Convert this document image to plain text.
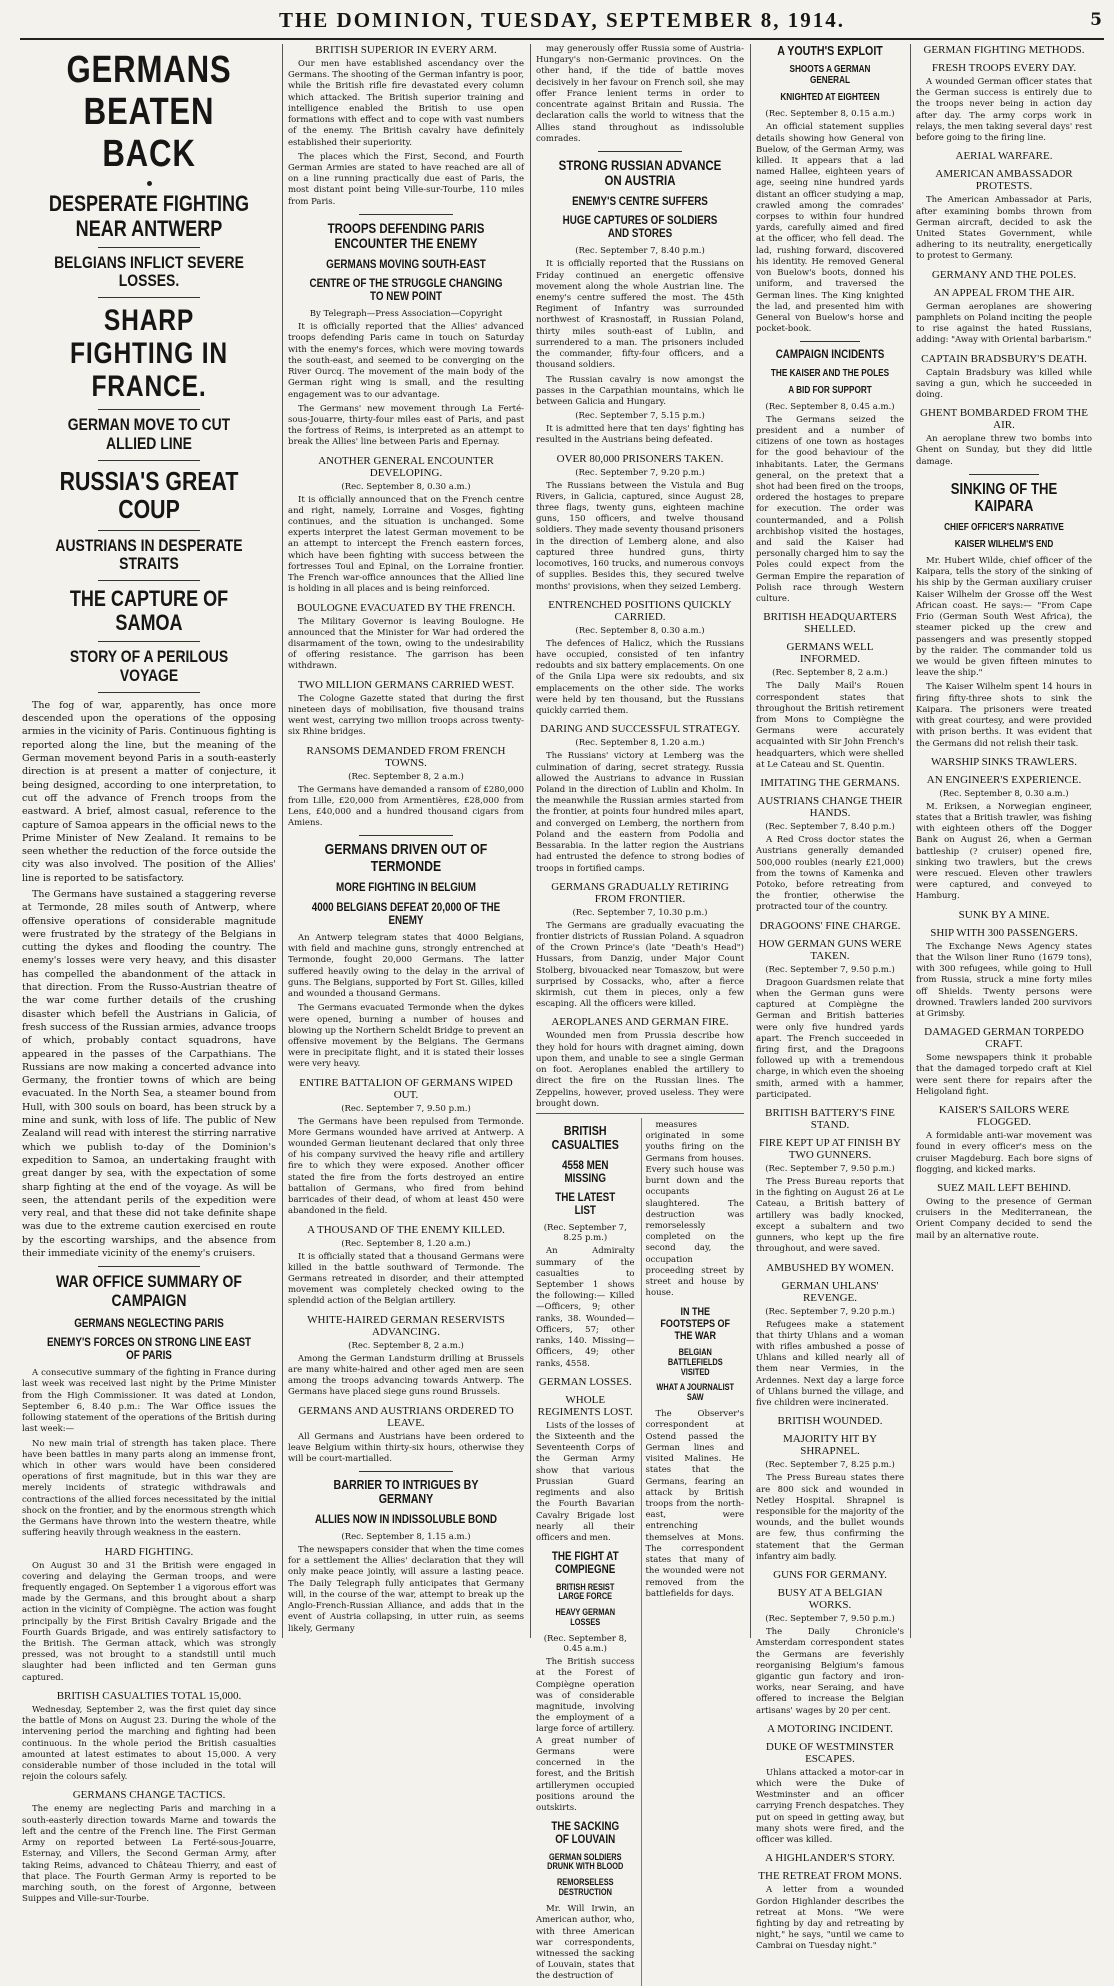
THE DOMINION, TUESDAY, SEPTEMBER 8, 1914.	5
GERMANS BEATEN BACK
DESPERATE FIGHTING NEAR ANTWERP
BELGIANS INFLICT SEVERE LOSSES.
SHARP FIGHTING IN FRANCE.
GERMAN MOVE TO CUT ALLIED LINE
RUSSIA'S GREAT COUP
AUSTRIANS IN DESPERATE STRAITS
THE CAPTURE OF SAMOA
STORY OF A PERILOUS VOYAGE

The fog of war, apparently, has once more descended upon the operations of the opposing armies in the vicinity of Paris. Continuous fighting is reported along the line, but the meaning of the German movement beyond Paris in a south-easterly direction is at present a matter of conjecture, it being designed, according to one interpretation, to cut off the advance of French troops from the eastward. A brief, almost casual, reference to the capture of Samoa appears in the official news to the Prime Minister of New Zealand. It remains to be seen whether the reduction of the force outside the city was also involved. The position of the Allies' line is reported to be satisfactory.

The Germans have sustained a staggering reverse at Termonde, 28 miles south of Antwerp, where offensive operations of considerable magnitude were frustrated by the strategy of the Belgians in cutting the dykes and flooding the country. The enemy's losses were very heavy, and this disaster has compelled the abandonment of the attack in that direction. From the Russo-Austrian theatre of the war come further details of the crushing disaster which befell the Austrians in Galicia, of fresh success of the Russian armies, advance troops of which, probably contact squadrons, have appeared in the passes of the Carpathians. The Russians are now making a concerted advance into Germany, the frontier towns of which are being evacuated. In the North Sea, a steamer bound from Hull, with 300 souls on board, has been struck by a mine and sunk, with loss of life. The public of New Zealand will read with interest the stirring narrative which we publish to-day of the Dominion's expedition to Samoa, an undertaking fraught with great danger by sea, with the expectation of some sharp fighting at the end of the voyage. As will be seen, the attendant perils of the expedition were very real, and that these did not take definite shape was due to the extreme caution exercised en route by the escorting warships, and the absence from their immediate vicinity of the enemy's cruisers.

WAR OFFICE SUMMARY OF CAMPAIGN
GERMANS NEGLECTING PARIS
ENEMY'S FORCES ON STRONG LINE EAST OF PARIS

A consecutive summary of the fighting in France during last week was received last night by the Prime Minister from the High Commissioner. It was dated at London, September 6, 8.40 p.m.: The War Office issues the following statement of the operations of the British during last week:—

No new main trial of strength has taken place. There have been battles in many parts along an immense front, which in other wars would have been considered operations of first magnitude, but in this war they are merely incidents of strategic withdrawals and contractions of the allied forces necessitated by the initial shock on the frontier, and by the enormous strength which the Germans have thrown into the western theatre, while suffering heavily through weakness in the eastern.

HARD FIGHTING.

On August 30 and 31 the British were engaged in covering and delaying the German troops, and were frequently engaged. On September 1 a vigorous effort was made by the Germans, and this brought about a sharp action in the vicinity of Compiègne. The action was fought principally by the First British Cavalry Brigade and the Fourth Guards Brigade, and was entirely satisfactory to the British. The German attack, which was strongly pressed, was not brought to a standstill until much slaughter had been inflicted and ten German guns captured.

BRITISH CASUALTIES TOTAL 15,000.

Wednesday, September 2, was the first quiet day since the battle of Mons on August 23. During the whole of the intervening period the marching and fighting had been continuous. In the whole period the British casualties amounted at latest estimates to about 15,000. A very considerable number of those included in the total will rejoin the colours safely.

GERMANS CHANGE TACTICS.

The enemy are neglecting Paris and marching in a south-easterly direction towards Marne and towards the left and the centre of the French line. The First German Army on reported between La Ferté-sous-Jouarre, Esternay, and Villers, the Second German Army, after taking Reims, advanced to Château Thierry, and east of that place. The Fourth German Army is reported to be marching south, on the forest of Argonne, between Suippes and Ville-sur-Tourbe.

BRITISH SUPERIOR IN EVERY ARM.

Our men have established ascendancy over the Germans. The shooting of the German infantry is poor, while the British rifle fire devastated every column which attacked. The British superior training and intelligence enabled the British to use open formations with effect and to cope with vast numbers of the enemy. The British cavalry have definitely established their superiority.

The places which the First, Second, and Fourth German Armies are stated to have reached are all of on a line running practically due east of Paris, the most distant point being Ville-sur-Tourbe, 110 miles from Paris.

TROOPS DEFENDING PARIS ENCOUNTER THE ENEMY
GERMANS MOVING SOUTH-EAST
CENTRE OF THE STRUGGLE CHANGING TO NEW POINT
By Telegraph—Press Association—Copyright

It is officially reported that the Allies' advanced troops defending Paris came in touch on Saturday with the enemy's forces, which were moving towards the south-east, and seemed to be converging on the River Ourcq. The movement of the main body of the German right wing is small, and the resulting engagement was to our advantage.

The Germans' new movement through La Ferté-sous-Jouarre, thirty-four miles east of Paris, and past the fortress of Reims, is interpreted as an attempt to break the Allies' line between Paris and Epernay.

ANOTHER GENERAL ENCOUNTER DEVELOPING.
(Rec. September 8, 0.30 a.m.)

It is officially announced that on the French centre and right, namely, Lorraine and Vosges, fighting continues, and the situation is unchanged. Some experts interpret the latest German movement to be an attempt to intercept the French eastern forces, which have been fighting with success between the fortresses Toul and Epinal, on the Lorraine frontier. The French war-office announces that the Allied line is holding in all places and is being reinforced.

BOULOGNE EVACUATED BY THE FRENCH.

The Military Governor is leaving Boulogne. He announced that the Minister for War had ordered the disarmament of the town, owing to the undesirability of offering resistance. The garrison has been withdrawn.

TWO MILLION GERMANS CARRIED WEST.

The Cologne Gazette stated that during the first nineteen days of mobilisation, five thousand trains went west, carrying two million troops across twenty-six Rhine bridges.

RANSOMS DEMANDED FROM FRENCH TOWNS.
(Rec. September 8, 2 a.m.)

The Germans have demanded a ransom of £280,000 from Lille, £20,000 from Armentières, £28,000 from Lens, £40,000 and a hundred thousand cigars from Amiens.

GERMANS DRIVEN OUT OF TERMONDE
MORE FIGHTING IN BELGIUM
4000 BELGIANS DEFEAT 20,000 OF THE ENEMY

An Antwerp telegram states that 4000 Belgians, with field and machine guns, strongly entrenched at Termonde, fought 20,000 Germans. The latter suffered heavily owing to the delay in the arrival of guns. The Belgians, supported by Fort St. Gilles, killed and wounded a thousand Germans.

The Germans evacuated Termonde when the dykes were opened, burning a number of houses and blowing up the Northern Scheldt Bridge to prevent an offensive movement by the Belgians. The Germans were in precipitate flight, and it is stated their losses were very heavy.

ENTIRE BATTALION OF GERMANS WIPED OUT.
(Rec. September 7, 9.50 p.m.)

The Germans have been repulsed from Termonde. More Germans wounded have arrived at Antwerp. A wounded German lieutenant declared that only three of his company survived the heavy rifle and artillery fire to which they were exposed. Another officer stated the fire from the forts destroyed an entire battalion of Germans, who fired from behind barricades of their dead, of whom at least 450 were abandoned in the field.

A THOUSAND OF THE ENEMY KILLED.
(Rec. September 8, 1.20 a.m.)

It is officially stated that a thousand Germans were killed in the battle southward of Termonde. The Germans retreated in disorder, and their attempted movement was completely checked owing to the splendid action of the Belgian artillery.

WHITE-HAIRED GERMAN RESERVISTS ADVANCING.
(Rec. September 8, 2 a.m.)

Among the German Landsturm drilling at Brussels are many white-haired and other aged men are seen among the troops advancing towards Antwerp. The Germans have placed siege guns round Brussels.

GERMANS AND AUSTRIANS ORDERED TO LEAVE.

All Germans and Austrians have been ordered to leave Belgium within thirty-six hours, otherwise they will be court-martialled.

BARRIER TO INTRIGUES BY GERMANY
ALLIES NOW IN INDISSOLUBLE BOND
(Rec. September 8, 1.15 a.m.)

The newspapers consider that when the time comes for a settlement the Allies' declaration that they will only make peace jointly, will assure a lasting peace. The Daily Telegraph fully anticipates that Germany will, in the course of the war, attempt to break up the Anglo-French-Russian Alliance, and adds that in the event of Austria collapsing, in utter ruin, as seems likely, Germany

may generously offer Russia some of Austria-Hungary's non-Germanic provinces. On the other hand, if the tide of battle moves decisively in her favour on French soil, she may offer France lenient terms in order to concentrate against Britain and Russia. The declaration calls the world to witness that the Allies stand throughout as indissoluble comrades.

STRONG RUSSIAN ADVANCE ON AUSTRIA
ENEMY'S CENTRE SUFFERS
HUGE CAPTURES OF SOLDIERS AND STORES
(Rec. September 7, 8.40 p.m.)

It is officially reported that the Russians on Friday continued an energetic offensive movement along the whole Austrian line. The enemy's centre suffered the most. The 45th Regiment of Infantry was surrounded northwest of Krasnostaff, in Russian Poland, thirty miles south-east of Lublin, and surrendered to a man. The prisoners included the commander, fifty-four officers, and a thousand soldiers.

The Russian cavalry is now amongst the passes in the Carpathian mountains, which lie between Galicia and Hungary.

(Rec. September 7, 5.15 p.m.)

It is admitted here that ten days' fighting has resulted in the Austrians being defeated.

OVER 80,000 PRISONERS TAKEN.
(Rec. September 7, 9.20 p.m.)

The Russians between the Vistula and Bug Rivers, in Galicia, captured, since August 28, three flags, twenty guns, eighteen machine guns, 150 officers, and twelve thousand soldiers. They made seventy thousand prisoners in the direction of Lemberg alone, and also captured three hundred guns, thirty locomotives, 160 trucks, and numerous convoys of supplies. Besides this, they secured twelve months' provisions, when they seized Lemberg.

ENTRENCHED POSITIONS QUICKLY CARRIED.
(Rec. September 8, 0.30 a.m.)

The defences of Halicz, which the Russians have occupied, consisted of ten infantry redoubts and six battery emplacements. On one of the Gnila Lipa were six redoubts, and six emplacements on the other side. The works were held by ten thousand, but the Russians quickly carried them.

DARING AND SUCCESSFUL STRATEGY.
(Rec. September 8, 1.20 a.m.)

The Russians' victory at Lemberg was the culmination of daring, secret strategy. Russia allowed the Austrians to advance in Russian Poland in the direction of Lublin and Kholm. In the meanwhile the Russian armies started from the frontier, at points four hundred miles apart, and converged on Lemberg, the northern from Poland and the eastern from Podolia and Bessarabia. In the latter region the Austrians had entrusted the defence to strong bodies of troops in fortified camps.

GERMANS GRADUALLY RETIRING FROM FRONTIER.
(Rec. September 7, 10.30 p.m.)

The Germans are gradually evacuating the frontier districts of Russian Poland. A squadron of the Crown Prince's (late "Death's Head") Hussars, from Danzig, under Major Count Stolberg, bivouacked near Tomaszow, but were surprised by Cossacks, who, after a fierce skirmish, cut them in pieces, only a few escaping. All the officers were killed.

AEROPLANES AND GERMAN FIRE.

Wounded men from Prussia describe how they hold for hours with dragnet aiming, down upon them, and unable to see a single German on foot. Aeroplanes enabled the artillery to direct the fire on the Russian lines. The Zeppelins, however, proved useless. They were brought down.

BRITISH CASUALTIES
4558 MEN MISSING
THE LATEST LIST
(Rec. September 7, 8.25 p.m.)

An Admiralty summary of the casualties to September 1 shows the following:— Killed—Officers, 9; other ranks, 38. Wounded—Officers, 57; other ranks, 140. Missing—Officers, 49; other ranks, 4558.

GERMAN LOSSES.
WHOLE REGIMENTS LOST.

Lists of the losses of the Sixteenth and the Seventeenth Corps of the German Army show that various Prussian Guard regiments and also the Fourth Bavarian Cavalry Brigade lost nearly all their officers and men.

THE FIGHT AT COMPIEGNE
BRITISH RESIST LARGE FORCE
HEAVY GERMAN LOSSES
(Rec. September 8, 0.45 a.m.)

The British success at the Forest of Compiègne operation was of considerable magnitude, involving the employment of a large force of artillery. A great number of Germans were concerned in the forest, and the British artillerymen occupied positions around the outskirts.

THE SACKING OF LOUVAIN
GERMAN SOLDIERS DRUNK WITH BLOOD
REMORSELESS DESTRUCTION

Mr. Will Irwin, an American author, who, with three American war correspondents, witnessed the sacking of Louvain, states that the destruction of

measures originated in some youths firing on the Germans from houses. Every such house was burnt down and the occupants slaughtered. The destruction was remorselessly completed on the second day, the occupation proceeding street by street and house by house.

IN THE FOOTSTEPS OF THE WAR
BELGIAN BATTLEFIELDS VISITED
WHAT A JOURNALIST SAW

The Observer's correspondent at Ostend passed the German lines and visited Malines. He states that the Germans, fearing an attack by British troops from the north-east, were entrenching themselves at Mons. The correspondent states that many of the wounded were not removed from the battlefields for days.

A YOUTH'S EXPLOIT
SHOOTS A GERMAN GENERAL
KNIGHTED AT EIGHTEEN
(Rec. September 8, 0.15 a.m.)

An official statement supplies details showing how General von Buelow, of the German Army, was killed. It appears that a lad named Hallee, eighteen years of age, seeing nine hundred yards distant an officer studying a map, crawled among the comrades' corpses to within four hundred yards, carefully aimed and fired at the officer, who fell dead. The lad, rushing forward, discovered his identity. He removed General von Buelow's boots, donned his uniform, and traversed the German lines. The King knighted the lad, and presented him with General von Buelow's horse and pocket-book.

CAMPAIGN INCIDENTS
THE KAISER AND THE POLES
A BID FOR SUPPORT
(Rec. September 8, 0.45 a.m.)

The Germans seized the president and a number of citizens of one town as hostages for the good behaviour of the inhabitants. Later, the Germans general, on the pretext that a shot had been fired on the troops, ordered the hostages to prepare for execution. The order was countermanded, and a Polish archbishop visited the hostages, and said the Kaiser had personally charged him to say the Poles could expect from the German Empire the reparation of Polish race through Western culture.

BRITISH HEADQUARTERS SHELLED.
GERMANS WELL INFORMED.
(Rec. September 8, 2 a.m.)

The Daily Mail's Rouen correspondent states that throughout the British retirement from Mons to Compiègne the Germans were accurately acquainted with Sir John French's headquarters, which were shelled at Le Cateau and St. Quentin.

IMITATING THE GERMANS.
AUSTRIANS CHANGE THEIR HANDS.
(Rec. September 7, 8.40 p.m.)

A Red Cross doctor states the Austrians generally demanded 500,000 roubles (nearly £21,000) from the towns of Kamenka and Potoko, before retreating from the frontier, otherwise the protracted tour of the country.

DRAGOONS' FINE CHARGE.
HOW GERMAN GUNS WERE TAKEN.
(Rec. September 7, 9.50 p.m.)

Dragoon Guardsmen relate that when the German guns were captured at Compiègne the German and British batteries were only five hundred yards apart. The French succeeded in firing first, and the Dragoons followed up with a tremendous charge, in which even the shoeing smith, armed with a hammer, participated.

BRITISH BATTERY'S FINE STAND.
FIRE KEPT UP AT FINISH BY TWO GUNNERS.
(Rec. September 7, 9.50 p.m.)

The Press Bureau reports that in the fighting on August 26 at Le Cateau, a British battery of artillery was badly knocked, except a subaltern and two gunners, who kept up the fire throughout, and were saved.

AMBUSHED BY WOMEN.
GERMAN UHLANS' REVENGE.
(Rec. September 7, 9.20 p.m.)

Refugees make a statement that thirty Uhlans and a woman with rifles ambushed a posse of Uhlans and killed nearly all of them near Vermies, in the Ardennes. Next day a large force of Uhlans burned the village, and five children were incinerated.

BRITISH WOUNDED.
MAJORITY HIT BY SHRAPNEL.
(Rec. September 7, 8.25 p.m.)

The Press Bureau states there are 800 sick and wounded in Netley Hospital. Shrapnel is responsible for the majority of the wounds, and the bullet wounds are few, thus confirming the statement that the German infantry aim badly.

GUNS FOR GERMANY.
BUSY AT A BELGIAN WORKS.
(Rec. September 7, 9.50 p.m.)

The Daily Chronicle's Amsterdam correspondent states the Germans are feverishly reorganising Belgium's famous gigantic gun factory and iron-works, near Seraing, and have offered to increase the Belgian artisans' wages by 20 per cent.

A MOTORING INCIDENT.
DUKE OF WESTMINSTER ESCAPES.

Uhlans attacked a motor-car in which were the Duke of Westminster and an officer carrying French despatches. They put on speed in getting away, but many shots were fired, and the officer was killed.

A HIGHLANDER'S STORY.
THE RETREAT FROM MONS.

A letter from a wounded Gordon Highlander describes the retreat at Mons. "We were fighting by day and retreating by night," he says, "until we came to Cambrai on Tuesday night."

GERMAN FIGHTING METHODS.
FRESH TROOPS EVERY DAY.

A wounded German officer states that the German success is entirely due to the troops never being in action day after day. The army corps work in relays, the men taking several days' rest before going to the firing line.

AERIAL WARFARE.
AMERICAN AMBASSADOR PROTESTS.

The American Ambassador at Paris, after examining bombs thrown from German aircraft, decided to ask the United States Government, while adhering to its neutrality, energetically to protest to Germany.

GERMANY AND THE POLES.
AN APPEAL FROM THE AIR.

German aeroplanes are showering pamphlets on Poland inciting the people to rise against the hated Russians, adding: "Away with Oriental barbarism."

CAPTAIN BRADSBURY'S DEATH.

Captain Bradsbury was killed while saving a gun, which he succeeded in doing.

GHENT BOMBARDED FROM THE AIR.

An aeroplane threw two bombs into Ghent on Sunday, but they did little damage.

SINKING OF THE KAIPARA
CHIEF OFFICER'S NARRATIVE
KAISER WILHELM'S END

Mr. Hubert Wilde, chief officer of the Kaipara, tells the story of the sinking of his ship by the German auxiliary cruiser Kaiser Wilhelm der Grosse off the West African coast. He says:— "From Cape Frio (German South West Africa), the steamer picked up the crew and passengers and was presently stopped by the raider. The commander told us we would be given fifteen minutes to leave the ship."

The Kaiser Wilhelm spent 14 hours in firing fifty-three shots to sink the Kaipara. The prisoners were treated with great courtesy, and were provided with prison berths. It was evident that the Germans did not relish their task.

WARSHIP SINKS TRAWLERS.
AN ENGINEER'S EXPERIENCE.
(Rec. September 8, 0.30 a.m.)

M. Eriksen, a Norwegian engineer, states that a British trawler, was fishing with eighteen others off the Dogger Bank on August 26, when a German battleship (? cruiser) opened fire, sinking two trawlers, but the crews were rescued. Eleven other trawlers were captured, and conveyed to Hamburg.

SUNK BY A MINE.
SHIP WITH 300 PASSENGERS.

The Exchange News Agency states that the Wilson liner Runo (1679 tons), with 300 refugees, while going to Hull from Russia, struck a mine forty miles off Shields. Twenty persons were drowned. Trawlers landed 200 survivors at Grimsby.

DAMAGED GERMAN TORPEDO CRAFT.

Some newspapers think it probable that the damaged torpedo craft at Kiel were sent there for repairs after the Heligoland fight.

KAISER'S SAILORS WERE FLOGGED.

A formidable anti-war movement was found in every officer's mess on the cruiser Magdeburg. Each bore signs of flogging, and kicked marks.

SUEZ MAIL LEFT BEHIND.

Owing to the presence of German cruisers in the Mediterranean, the Orient Company decided to send the mail by an alternative route.
